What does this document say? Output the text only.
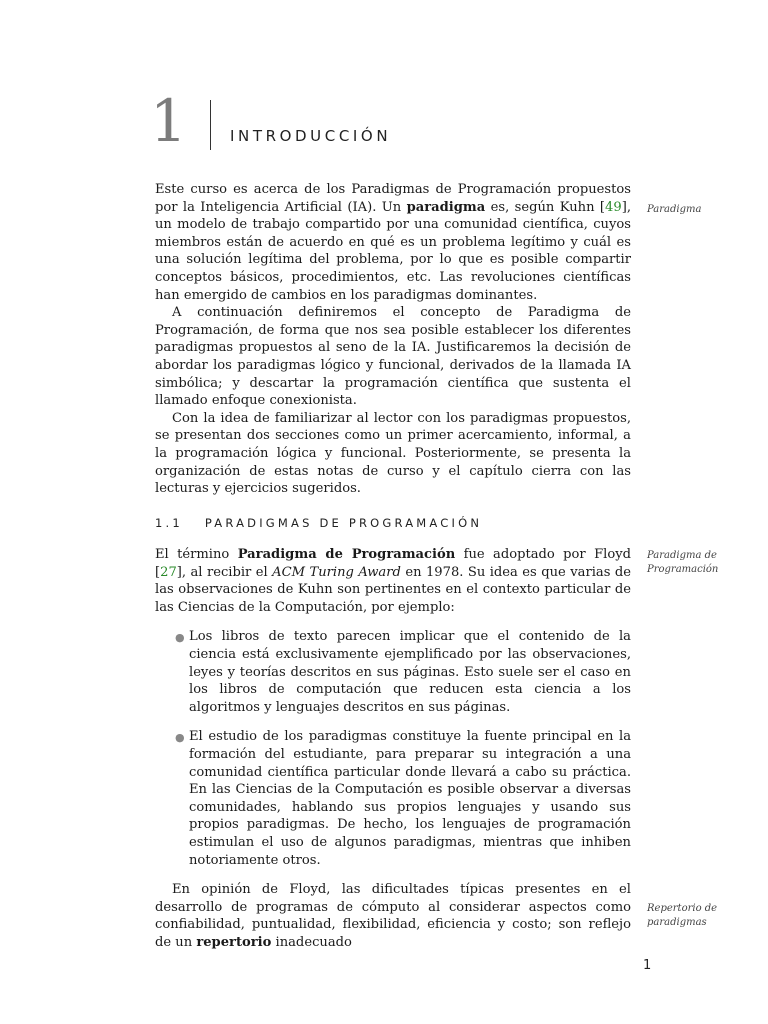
1	INTRODUCCIÓN

Este curso es acerca de los Paradigmas de Programación propuestos por la Inteligencia Artificial (IA). Un paradigma es, según Kuhn [49], un modelo de trabajo compartido por una comunidad científica, cuyos miembros están de acuerdo en qué es un problema legítimo y cuál es una solución legítima del problema, por lo que es posible compartir conceptos básicos, procedimientos, etc. Las revoluciones científicas han emergido de cambios en los paradigmas dominantes.

A continuación definiremos el concepto de Paradigma de Programación, de forma que nos sea posible establecer los diferentes paradigmas propuestos al seno de la IA. Justificaremos la decisión de abordar los paradigmas lógico y funcional, derivados de la llamada IA simbólica; y descartar la programación científica que sustenta el llamado enfoque conexionista.

Con la idea de familiarizar al lector con los paradigmas propuestos, se presentan dos secciones como un primer acercamiento, informal, a la programación lógica y funcional. Posteriormente, se presenta la organización de estas notas de curso y el capítulo cierra con las lecturas y ejercicios sugeridos.

Paradigma
1.1 PARADIGMAS DE PROGRAMACIÓN

El término Paradigma de Programación fue adoptado por Floyd [27], al recibir el ACM Turing Award en 1978. Su idea es que varias de las observaciones de Kuhn son pertinentes en el contexto particular de las Ciencias de la Computación, por ejemplo:

● Los libros de texto parecen implicar que el contenido de la ciencia está exclusivamente ejemplificado por las observaciones, leyes y teorías descritos en sus páginas. Esto suele ser el caso en los libros de computación que reducen esta ciencia a los algoritmos y lenguajes descritos en sus páginas.
● El estudio de los paradigmas constituye la fuente principal en la formación del estudiante, para preparar su integración a una comunidad científica particular donde llevará a cabo su práctica. En las Ciencias de la Computación es posible observar a diversas comunidades, hablando sus propios lenguajes y usando sus propios paradigmas. De hecho, los lenguajes de programación estimulan el uso de algunos paradigmas, mientras que inhiben notoriamente otros.

En opinión de Floyd, las dificultades típicas presentes en el desarrollo de programas de cómputo al considerar aspectos como confiabilidad, puntualidad, flexibilidad, eficiencia y costo; son reflejo de un repertorio inadecuado

Paradigma de
Programación
Repertorio de
paradigmas
1
